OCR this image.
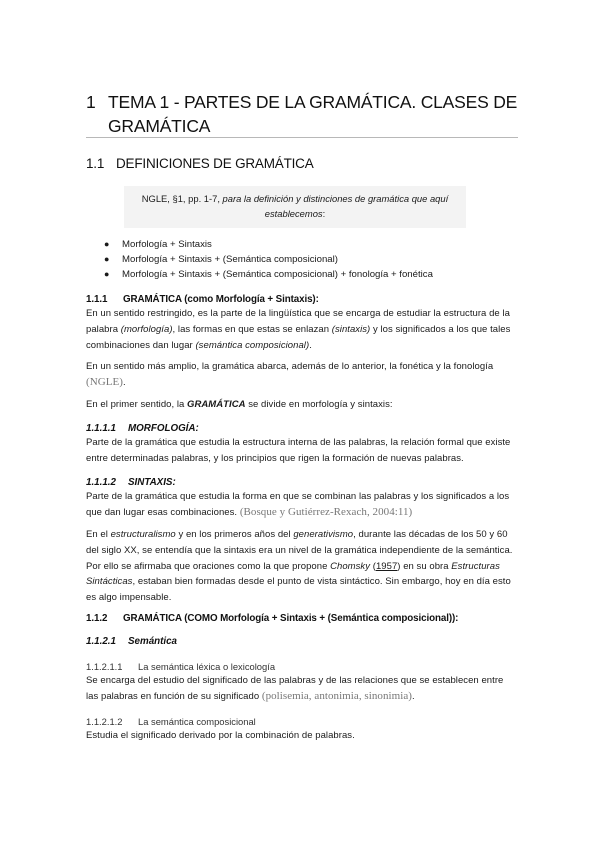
1 TEMA 1 - PARTES DE LA GRAMÁTICA. CLASES DE GRAMÁTICA
1.1 DEFINICIONES DE GRAMÁTICA
NGLE, §1, pp. 1-7, para la definición y distinciones de gramática que aquí establecemos:
● Morfología + Sintaxis
● Morfología + Sintaxis + (Semántica composicional)
● Morfología + Sintaxis + (Semántica composicional) + fonología + fonética
1.1.1 GRAMÁTICA (como Morfología + Sintaxis):
En un sentido restringido, es la parte de la lingüística que se encarga de estudiar la estructura de la palabra (morfología), las formas en que estas se enlazan (sintaxis) y los significados a los que tales combinaciones dan lugar (semántica composicional).
En un sentido más amplio, la gramática abarca, además de lo anterior, la fonética y la fonología (NGLE).
En el primer sentido, la GRAMÁTICA se divide en morfología y sintaxis:
1.1.1.1 MORFOLOGÍA:
Parte de la gramática que estudia la estructura interna de las palabras, la relación formal que existe entre determinadas palabras, y los principios que rigen la formación de nuevas palabras.
1.1.1.2 SINTAXIS:
Parte de la gramática que estudia la forma en que se combinan las palabras y los significados a los que dan lugar esas combinaciones. (Bosque y Gutiérrez-Rexach, 2004:11)
En el estructuralismo y en los primeros años del generativismo, durante las décadas de los 50 y 60 del siglo XX, se entendía que la sintaxis era un nivel de la gramática independiente de la semántica. Por ello se afirmaba que oraciones como la que propone Chomsky (1957) en su obra Estructuras Sintácticas, estaban bien formadas desde el punto de vista sintáctico. Sin embargo, hoy en día esto es algo impensable.
1.1.2 GRAMÁTICA (COMO Morfología + Sintaxis + (Semántica composicional)):
1.1.2.1 Semántica
1.1.2.1.1 La semántica léxica o lexicología
Se encarga del estudio del significado de las palabras y de las relaciones que se establecen entre las palabras en función de su significado (polisemia, antonimia, sinonimia).
1.1.2.1.2 La semántica composicional
Estudia el significado derivado por la combinación de palabras.
